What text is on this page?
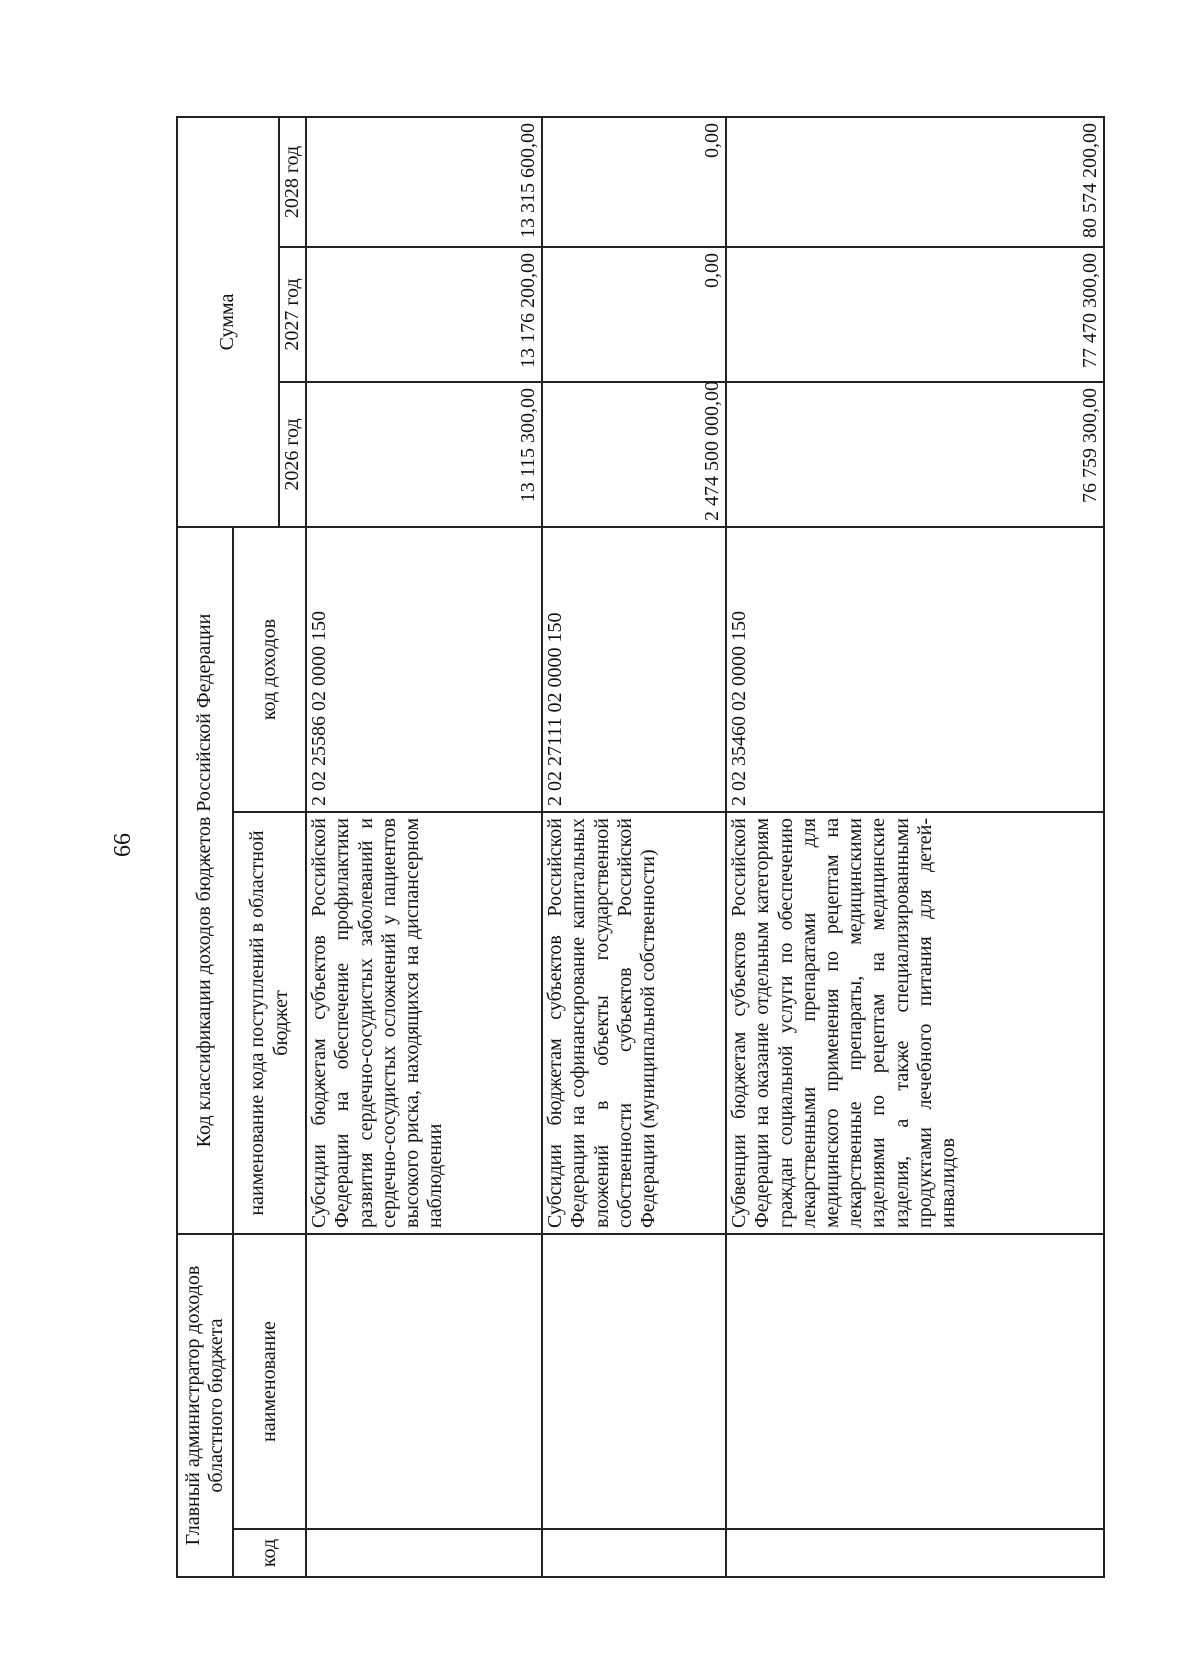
66
Главный администратор доходов областного бюджета		Код классификации доходов бюджетов Российской Федерации		Сумма		
код	наименование	наименование кода поступлений в областной бюджет	код доходов			
				2026 год	2027 год	2028 год
		Субсидии бюджетам субъектов Российской Федерации на обеспечение профилактики развития сердечно-сосудистых заболеваний и сердечно-сосудистых осложнений у пациентов высокого риска, находящихся на диспансерном наблюдении	2 02 25586 02 0000 150	13 115 300,00	13 176 200,00	13 315 600,00
		Субсидии бюджетам субъектов Российской Федерации на софинансирование капитальных вложений в объекты государственной собственности субъектов Российской Федерации (муниципальной собственности)	2 02 27111 02 0000 150	2 474 500 000,00	0,00	0,00
		Субвенции бюджетам субъектов Российской Федерации на оказание отдельным категориям граждан социальной услуги по обеспечению лекарственными препаратами для медицинского применения по рецептам на лекарственные препараты, медицинскими изделиями по рецептам на медицинские изделия, а также специализированными продуктами лечебного питания для детей-инвалидов	2 02 35460 02 0000 150	76 759 300,00	77 470 300,00	80 574 200,00
